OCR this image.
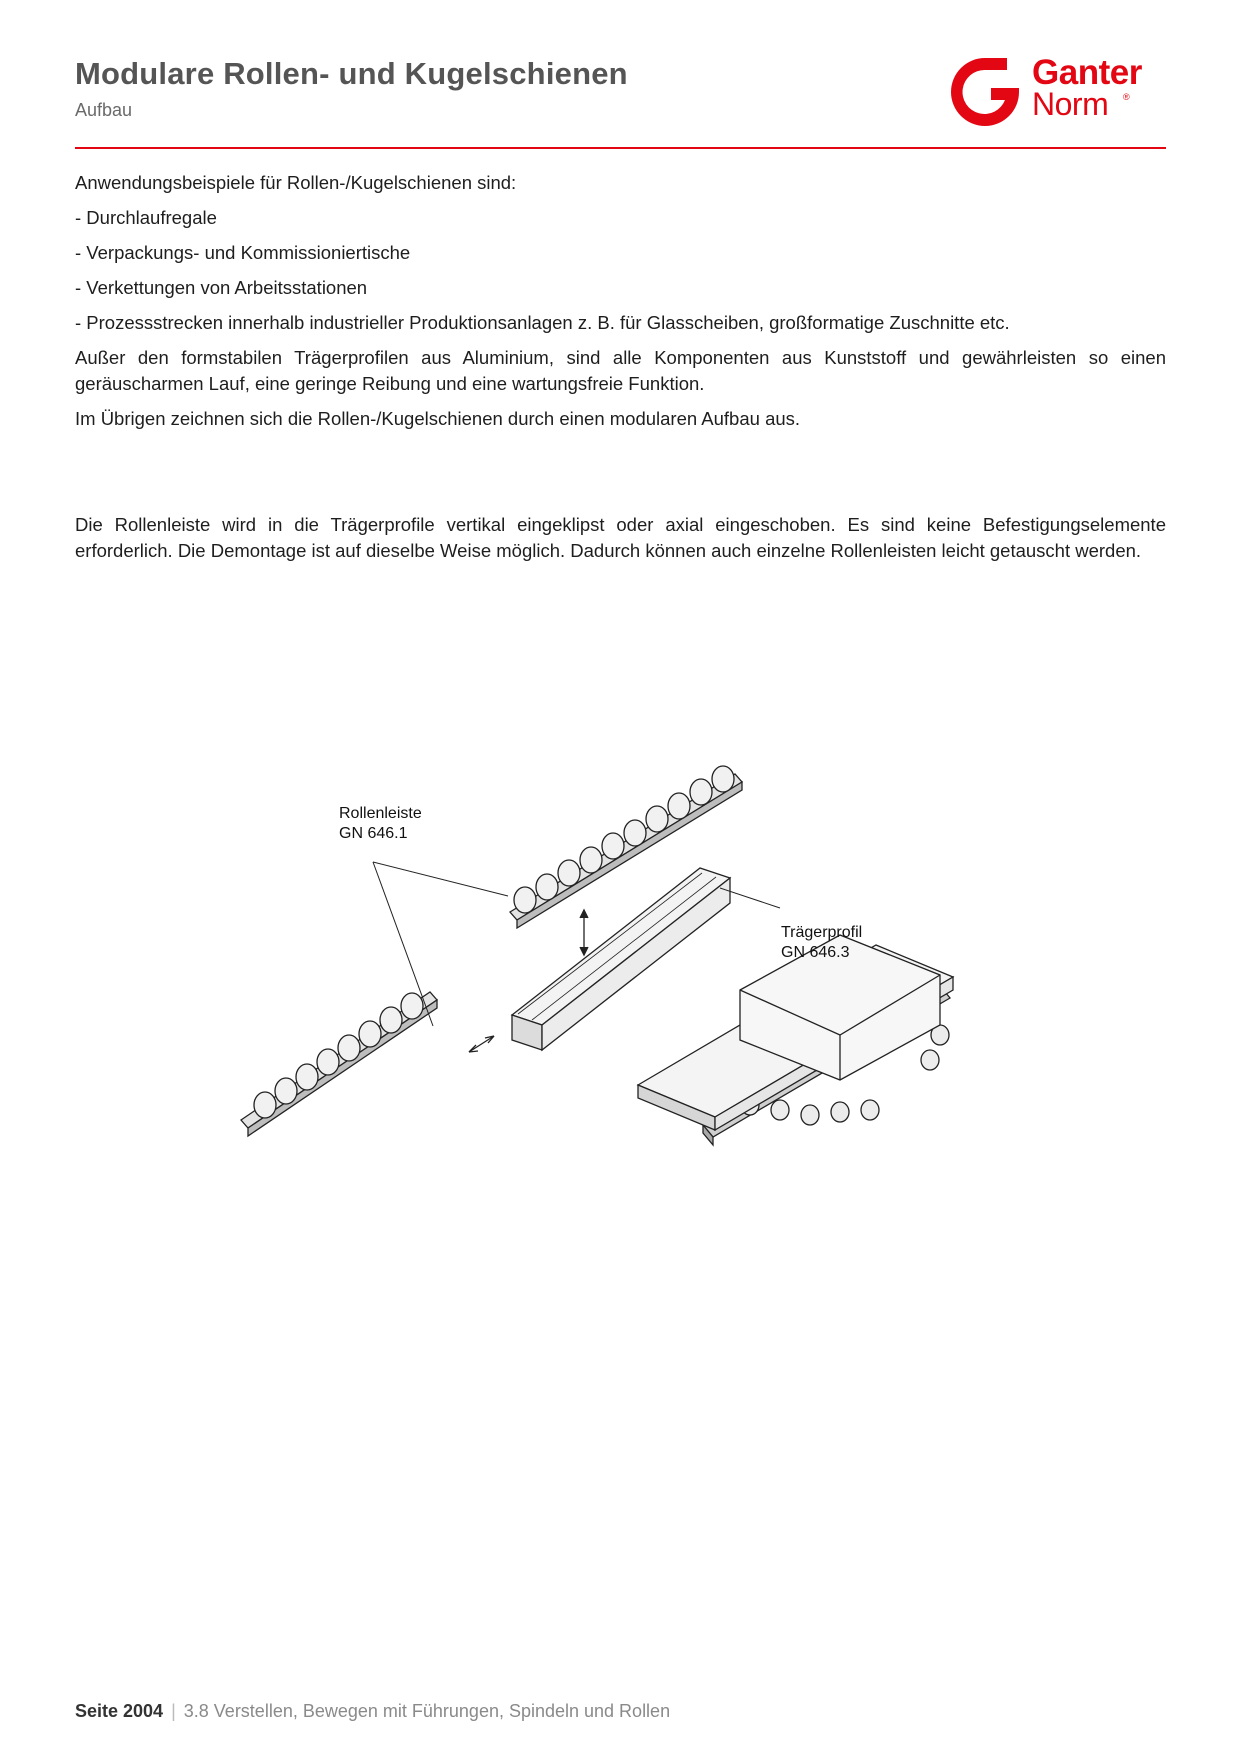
Modulare Rollen- und Kugelschienen
Aufbau
Ganter
Norm ®

Anwendungsbeispiele für Rollen-/Kugelschienen sind:

- Durchlaufregale

- Verpackungs- und Kommissioniertische

- Verkettungen von Arbeitsstationen

- Prozessstrecken innerhalb industrieller Produktionsanlagen z. B. für Glasscheiben, großformatige Zuschnitte etc.

Außer den formstabilen Trägerprofilen aus Aluminium, sind alle Komponenten aus Kunststoff und gewährleisten so einen geräuscharmen Lauf, eine geringe Reibung und eine wartungsfreie Funktion.

Im Übrigen zeichnen sich die Rollen-/Kugelschienen durch einen modularen Aufbau aus.

Die Rollenleiste wird in die Trägerprofile vertikal eingeklipst oder axial eingeschoben. Es sind keine Befestigungselemente erforderlich. Die Demontage ist auf dieselbe Weise möglich. Dadurch können auch einzelne Rollenleisten leicht getauscht werden.

Rollenleiste
GN 646.1
Trägerprofil
GN 646.3
Seite 2004 | 3.8 Verstellen, Bewegen mit Führungen, Spindeln und Rollen
